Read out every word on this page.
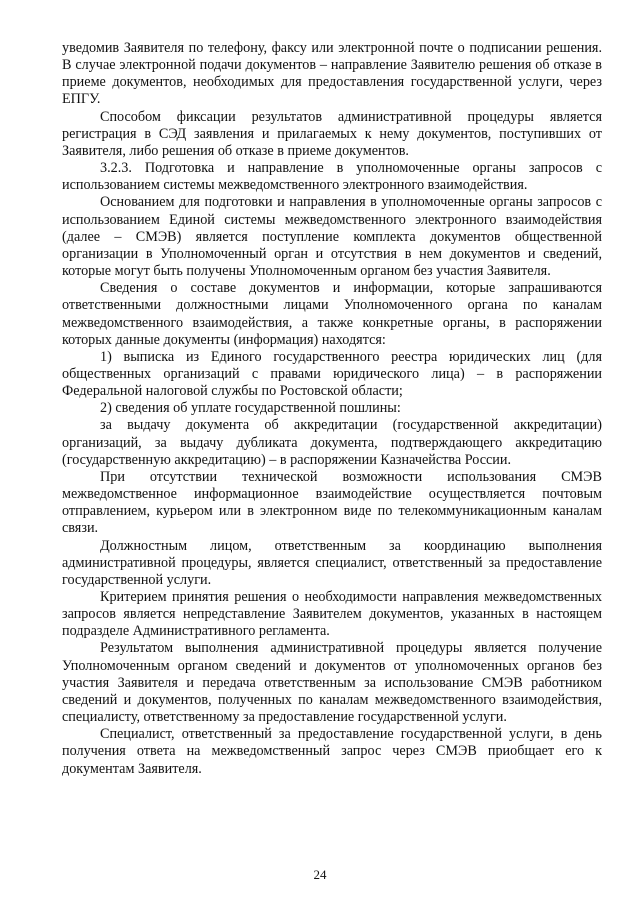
уведомив Заявителя по телефону, факсу или электронной почте о подписании решения. В случае электронной подачи документов – направление Заявителю решения об отказе в приеме документов, необходимых для предоставления государственной услуги, через ЕПГУ.

Способом фиксации результатов административной процедуры является регистрация в СЭД заявления и прилагаемых к нему документов, поступивших от Заявителя, либо решения об отказе в приеме документов.

3.2.3. Подготовка и направление в уполномоченные органы запросов с использованием системы межведомственного электронного взаимодействия.

Основанием для подготовки и направления в уполномоченные органы запросов с использованием Единой системы межведомственного электронного взаимодействия (далее – СМЭВ) является поступление комплекта документов общественной организации в Уполномоченный орган и отсутствия в нем документов и сведений, которые могут быть получены Уполномоченным органом без участия Заявителя.

Сведения о составе документов и информации, которые запрашиваются ответственными должностными лицами Уполномоченного органа по каналам межведомственного взаимодействия, а также конкретные органы, в распоряжении которых данные документы (информация) находятся:

1) выписка из Единого государственного реестра юридических лиц (для общественных организаций с правами юридического лица) – в распоряжении Федеральной налоговой службы по Ростовской области;

2) сведения об уплате государственной пошлины:

за выдачу документа об аккредитации (государственной аккредитации) организаций, за выдачу дубликата документа, подтверждающего аккредитацию (государственную аккредитацию) – в распоряжении Казначейства России.

При отсутствии технической возможности использования СМЭВ межведомственное информационное взаимодействие осуществляется почтовым отправлением, курьером или в электронном виде по телекоммуникационным каналам связи.

Должностным лицом, ответственным за координацию выполнения административной процедуры, является специалист, ответственный за предоставление государственной услуги.

Критерием принятия решения о необходимости направления межведомственных запросов является непредставление Заявителем документов, указанных в настоящем подразделе Административного регламента.

Результатом выполнения административной процедуры является получение Уполномоченным органом сведений и документов от уполномоченных органов без участия Заявителя и передача ответственным за использование СМЭВ работником сведений и документов, полученных по каналам межведомственного взаимодействия, специалисту, ответственному за предоставление государственной услуги.

Специалист, ответственный за предоставление государственной услуги, в день получения ответа на межведомственный запрос через СМЭВ приобщает его к документам Заявителя.

24
